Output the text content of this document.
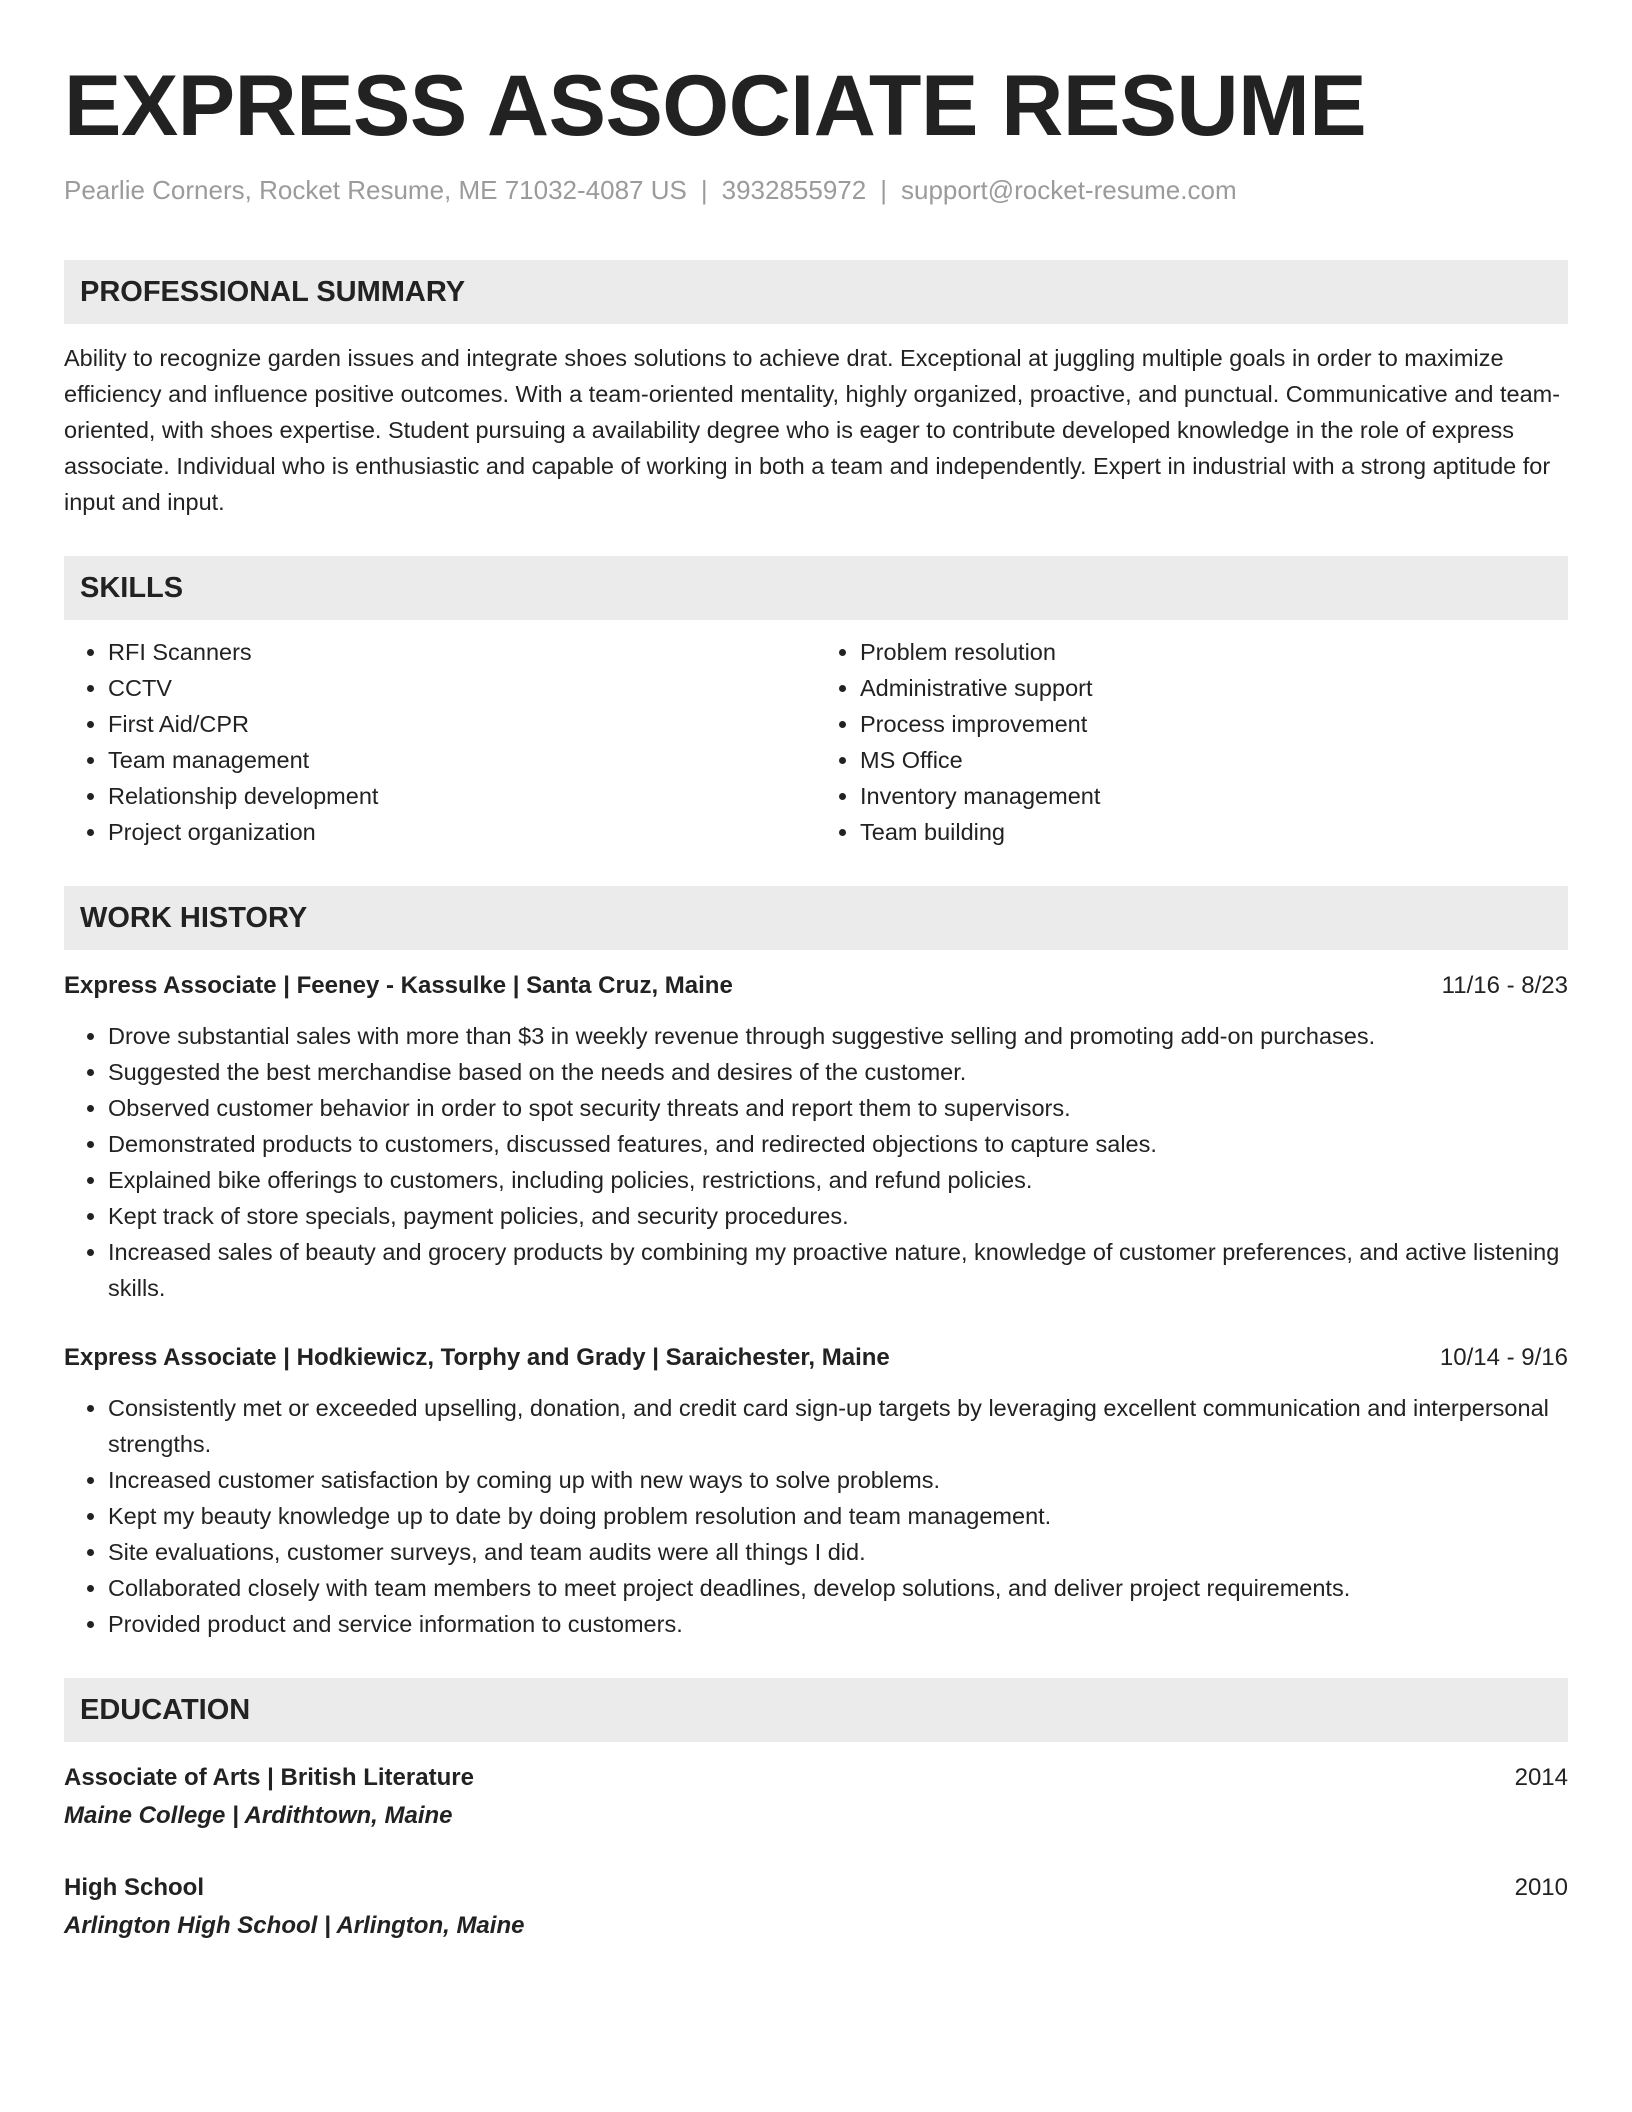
EXPRESS ASSOCIATE RESUME
Pearlie Corners, Rocket Resume, ME 71032-4087 US | 3932855972 | support@rocket-resume.com
PROFESSIONAL SUMMARY
Ability to recognize garden issues and integrate shoes solutions to achieve drat. Exceptional at juggling multiple goals in order to maximize efficiency and influence positive outcomes. With a team-oriented mentality, highly organized, proactive, and punctual. Communicative and team-oriented, with shoes expertise. Student pursuing a availability degree who is eager to contribute developed knowledge in the role of express associate. Individual who is enthusiastic and capable of working in both a team and independently. Expert in industrial with a strong aptitude for input and input.
SKILLS
• RFI Scanners
• CCTV
• First Aid/CPR
• Team management
• Relationship development
• Project organization
• Problem resolution
• Administrative support
• Process improvement
• MS Office
• Inventory management
• Team building
WORK HISTORY
Express Associate | Feeney - Kassulke | Santa Cruz, Maine	11/16 - 8/23
• Drove substantial sales with more than $3 in weekly revenue through suggestive selling and promoting add-on purchases.
• Suggested the best merchandise based on the needs and desires of the customer.
• Observed customer behavior in order to spot security threats and report them to supervisors.
• Demonstrated products to customers, discussed features, and redirected objections to capture sales.
• Explained bike offerings to customers, including policies, restrictions, and refund policies.
• Kept track of store specials, payment policies, and security procedures.
• Increased sales of beauty and grocery products by combining my proactive nature, knowledge of customer preferences, and active listening skills.
Express Associate | Hodkiewicz, Torphy and Grady | Saraichester, Maine	10/14 - 9/16
• Consistently met or exceeded upselling, donation, and credit card sign-up targets by leveraging excellent communication and interpersonal strengths.
• Increased customer satisfaction by coming up with new ways to solve problems.
• Kept my beauty knowledge up to date by doing problem resolution and team management.
• Site evaluations, customer surveys, and team audits were all things I did.
• Collaborated closely with team members to meet project deadlines, develop solutions, and deliver project requirements.
• Provided product and service information to customers.
EDUCATION
Associate of Arts | British Literature	2014
Maine College | Ardithtown, Maine
High School	2010
Arlington High School | Arlington, Maine
